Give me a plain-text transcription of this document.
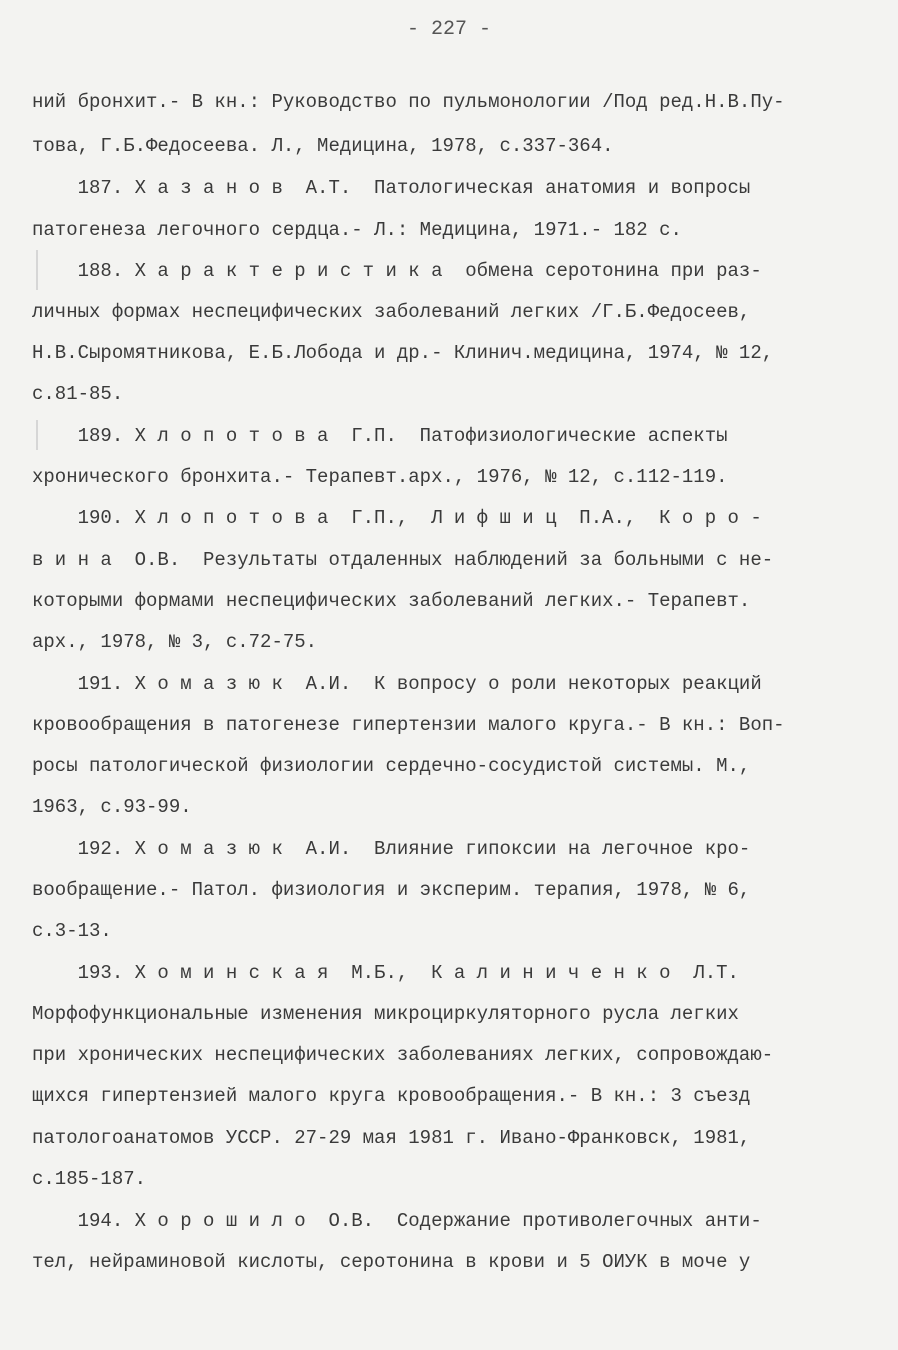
- 227 -
ний бронхит.- В кн.: Руководство по пульмонологии /Под ред.Н.В.Пу-
това, Г.Б.Федосеева. Л., Медицина, 1978, с.337-364.
187. Х а з а н о в  А.Т.  Патологическая анатомия и вопросы
патогенеза легочного сердца.- Л.: Медицина, 1971.- 182 с.
188. Х а р а к т е р и с т и к а  обмена серотонина при раз-
личных формах неспецифических заболеваний легких /Г.Б.Федосеев,
Н.В.Сыромятникова, Е.Б.Лобода и др.- Клинич.медицина, 1974, № 12,
с.81-85.
189. Х л о п о т о в а  Г.П.  Патофизиологические аспекты
хронического бронхита.- Терапевт.арх., 1976, № 12, с.112-119.
190. Х л о п о т о в а  Г.П.,  Л и ф ш и ц  П.А.,  К о р о -
в и н а  О.В.  Результаты отдаленных наблюдений за больными с не-
которыми формами неспецифических заболеваний легких.- Терапевт.
арх., 1978, № 3, с.72-75.
191. Х о м а з ю к  А.И.  К вопросу о роли некоторых реакций
кровообращения в патогенезе гипертензии малого круга.- В кн.: Воп-
росы патологической физиологии сердечно-сосудистой системы. М.,
1963, с.93-99.
192. Х о м а з ю к  А.И.  Влияние гипоксии на легочное кро-
вообращение.- Патол. физиология и эксперим. терапия, 1978, № 6,
с.3-13.
193. Х о м и н с к а я  М.Б.,  К а л и н и ч е н к о  Л.Т.
Морфофункциональные изменения микроциркуляторного русла легких
при хронических неспецифических заболеваниях легких, сопровождаю-
щихся гипертензией малого круга кровообращения.- В кн.: 3 съезд
патологоанатомов УССР. 27-29 мая 1981 г. Ивано-Франковск, 1981,
с.185-187.
194. Х о р о ш и л о  О.В.  Содержание противолегочных анти-
тел, нейраминовой кислоты, серотонина в крови и 5 ОИУК в моче у
